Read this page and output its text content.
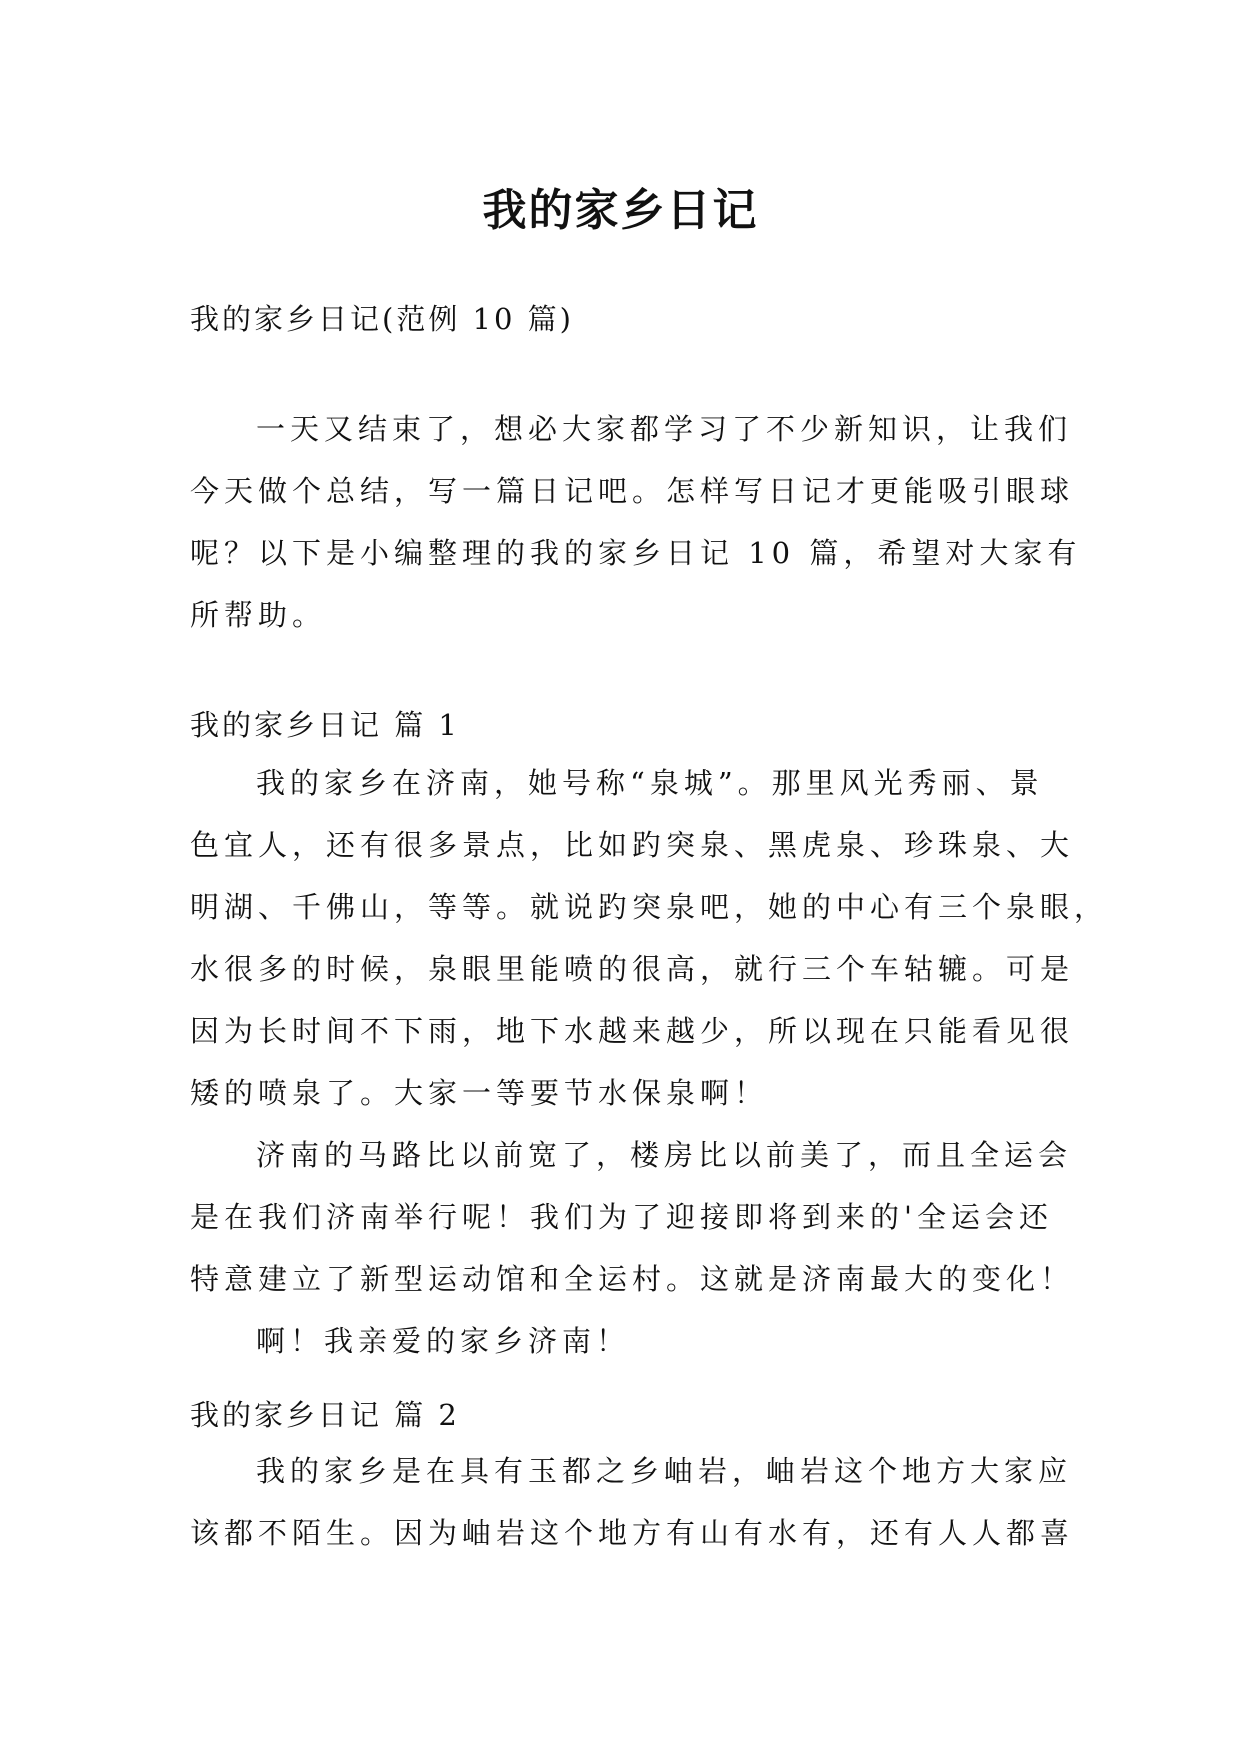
我的家乡日记

我的家乡日记(范例 10 篇)

一天又结束了，想必大家都学习了不少新知识，让我们
今天做个总结，写一篇日记吧。怎样写日记才更能吸引眼球
呢？以下是小编整理的我的家乡日记 10 篇，希望对大家有
所帮助。

我的家乡日记 篇 1

我的家乡在济南，她号称“泉城”。那里风光秀丽、景
色宜人，还有很多景点，比如趵突泉、黑虎泉、珍珠泉、大
明湖、千佛山，等等。就说趵突泉吧，她的中心有三个泉眼，
水很多的时候，泉眼里能喷的很高，就行三个车轱辘。可是
因为长时间不下雨，地下水越来越少，所以现在只能看见很
矮的喷泉了。大家一等要节水保泉啊！
济南的马路比以前宽了，楼房比以前美了，而且全运会
是在我们济南举行呢！我们为了迎接即将到来的'全运会还
特意建立了新型运动馆和全运村。这就是济南最大的变化！
啊！我亲爱的家乡济南！

我的家乡日记 篇 2

我的家乡是在具有玉都之乡岫岩，岫岩这个地方大家应
该都不陌生。因为岫岩这个地方有山有水有，还有人人都喜
